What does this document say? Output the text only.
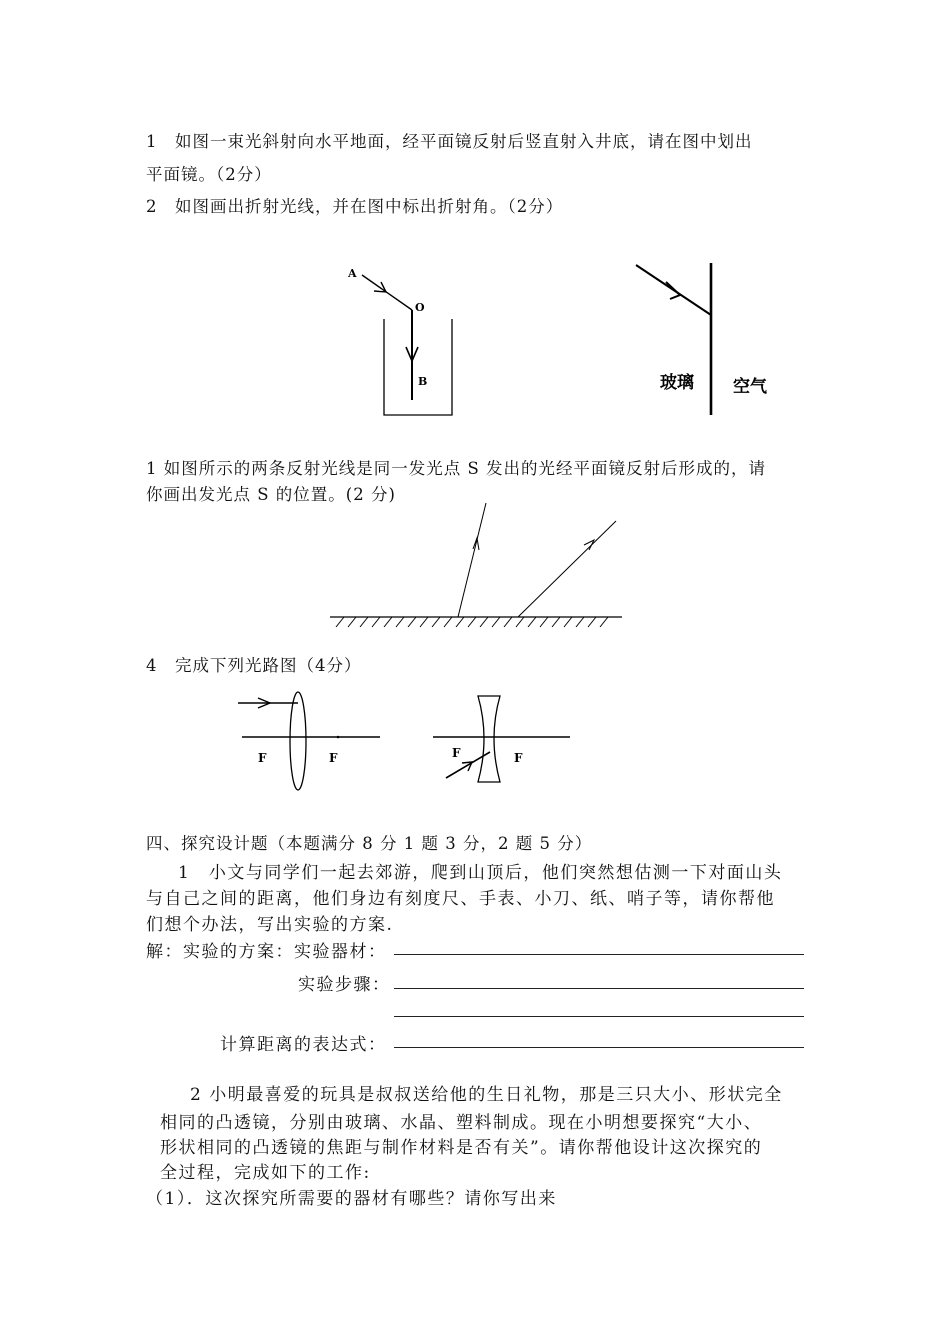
1　如图一束光斜射向水平地面，经平面镜反射后竖直射入井底，请在图中划出
平面镜。（2分）
2　如图画出折射光线，并在图中标出折射角。（2分）
A
O
B	玻璃 空气
1 如图所示的两条反射光线是同一发光点 S 发出的光经平面镜反射后形成的，请
你画出发光点 S 的位置。(2 分)
4　完成下列光路图（4分）
F	F	F	F
四、探究设计题（本题满分 8 分 1 题 3 分，2 题 5 分）
1　小文与同学们一起去郊游，爬到山顶后，他们突然想估测一下对面山头
与自己之间的距离，他们身边有刻度尺、手表、小刀、纸、哨子等，请你帮他
们想个办法，写出实验的方案.
解：实验的方案：实验器材：
实验步骤：
计算距离的表达式：
2 小明最喜爱的玩具是叔叔送给他的生日礼物，那是三只大小、形状完全
相同的凸透镜，分别由玻璃、水晶、塑料制成。现在小明想要探究“大小、
形状相同的凸透镜的焦距与制作材料是否有关”。请你帮他设计这次探究的
全过程，完成如下的工作:
（1）．这次探究所需要的器材有哪些？请你写出来
